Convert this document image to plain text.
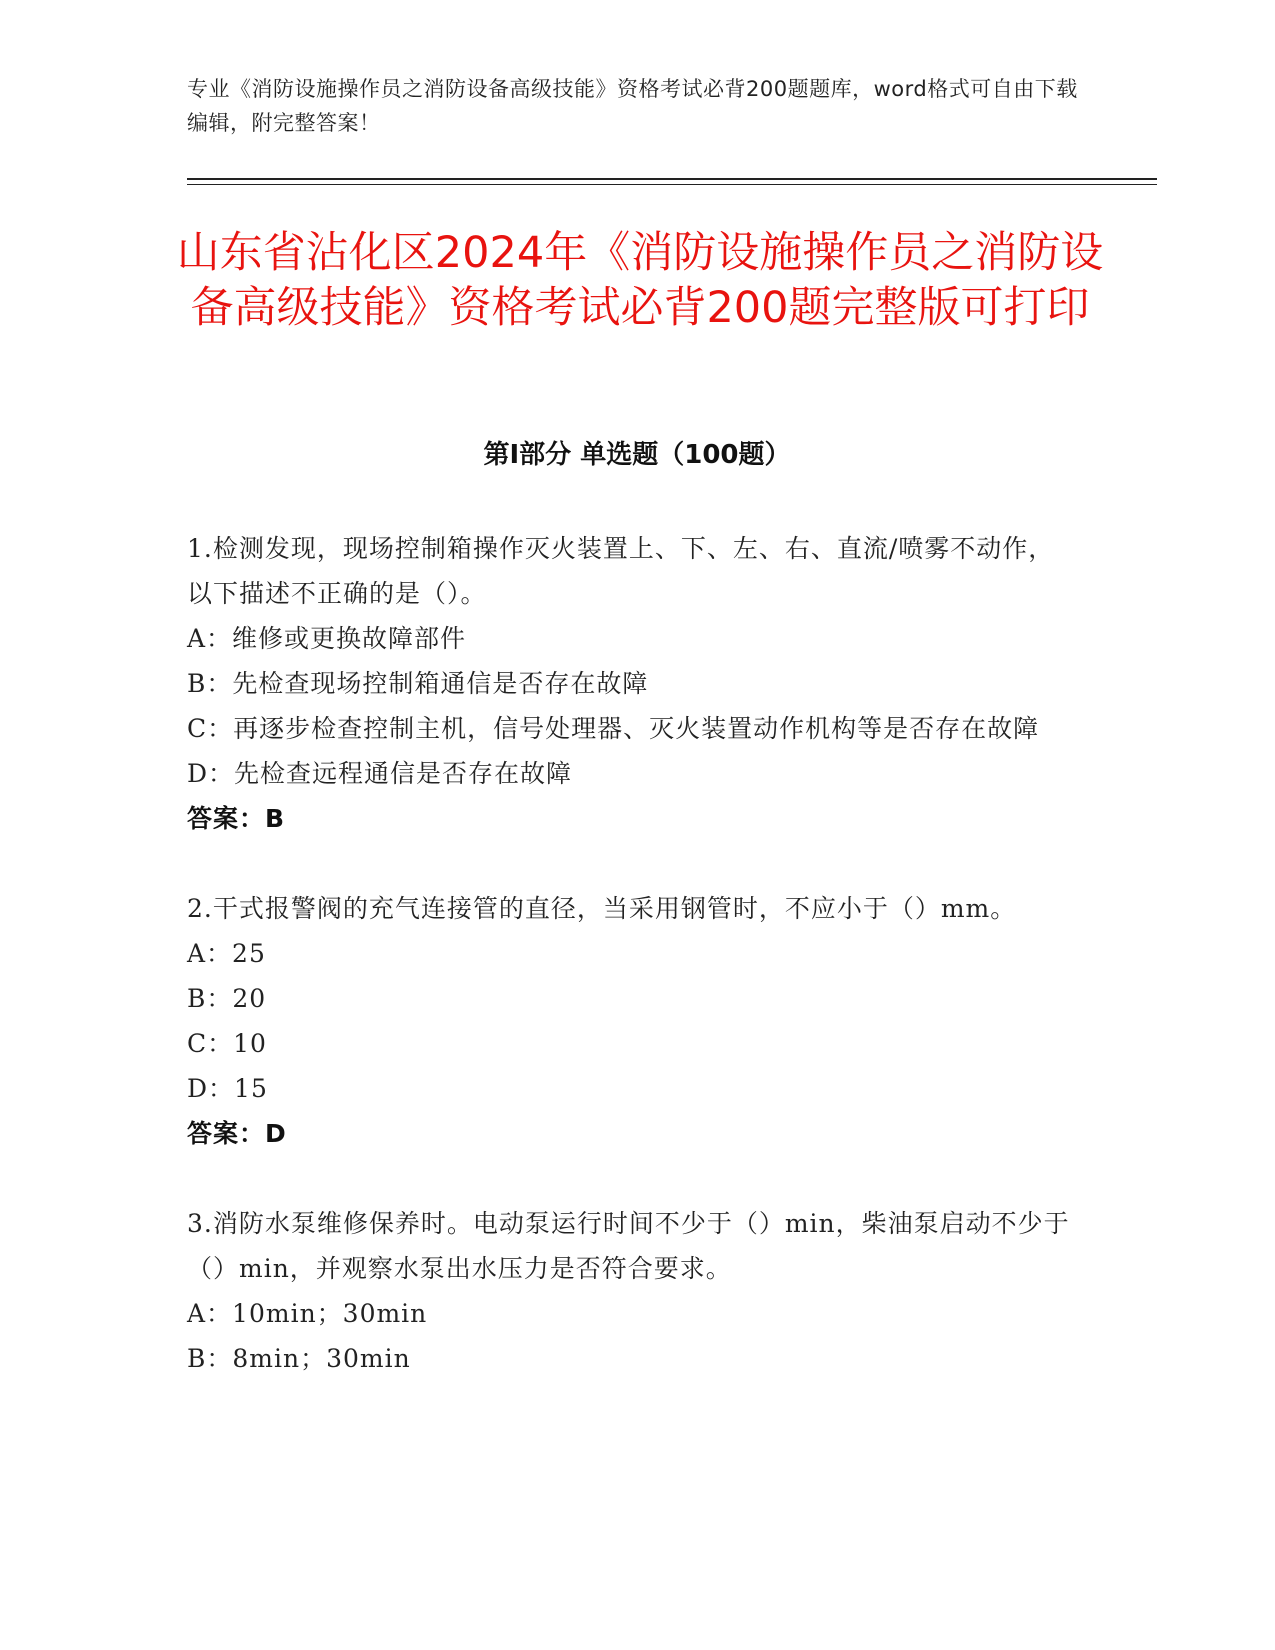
专业《消防设施操作员之消防设备高级技能》资格考试必背200题题库，word格式可自由下载编辑，附完整答案！
山东省沾化区2024年《消防设施操作员之消防设备高级技能》资格考试必背200题完整版可打印
第I部分 单选题（100题）

1.检测发现，现场控制箱操作灭火装置上、下、左、右、直流/喷雾不动作，以下描述不正确的是（）。

A：维修或更换故障部件

B：先检查现场控制箱通信是否存在故障

C：再逐步检查控制主机，信号处理器、灭火装置动作机构等是否存在故障

D：先检查远程通信是否存在故障

答案：B

2.干式报警阀的充气连接管的直径，当采用钢管时，不应小于（）mm。

A：25

B：20

C：10

D：15

答案：D

3.消防水泵维修保养时。电动泵运行时间不少于（）min，柴油泵启动不少于（）min，并观察水泵出水压力是否符合要求。

A：10min；30min

B：8min；30min
